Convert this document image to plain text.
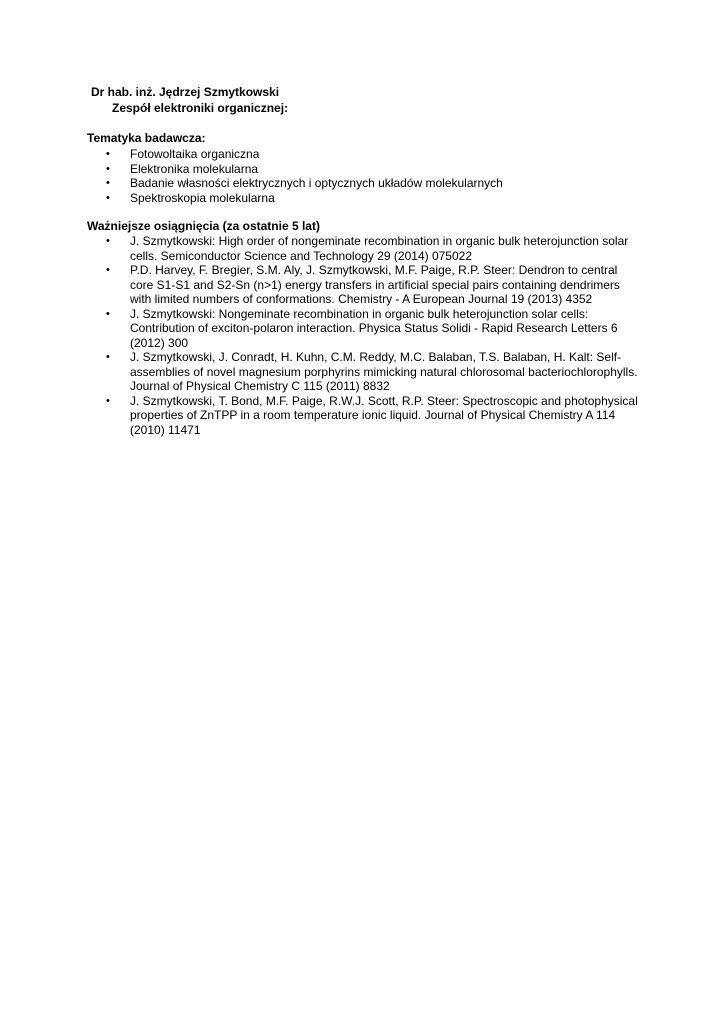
Dr hab. inż. Jędrzej Szmytkowski
Zespół elektroniki organicznej:
Tematyka badawcza:
• Fotowoltaika organiczna
• Elektronika molekularna
• Badanie własności elektrycznych i optycznych układów molekularnych
• Spektroskopia molekularna
Ważniejsze osiągnięcia (za ostatnie 5 lat)
• J. Szmytkowski: High order of nongeminate recombination in organic bulk heterojunction solar cells. Semiconductor Science and Technology 29 (2014) 075022
• P.D. Harvey, F. Bregier, S.M. Aly, J. Szmytkowski, M.F. Paige, R.P. Steer: Dendron to central core S1-S1 and S2-Sn (n>1) energy transfers in artificial special pairs containing dendrimers with limited numbers of conformations. Chemistry - A European Journal 19 (2013) 4352
• J. Szmytkowski: Nongeminate recombination in organic bulk heterojunction solar cells: Contribution of exciton-polaron interaction. Physica Status Solidi - Rapid Research Letters 6 (2012) 300
• J. Szmytkowski, J. Conradt, H. Kuhn, C.M. Reddy, M.C. Balaban, T.S. Balaban, H. Kalt: Self-assemblies of novel magnesium porphyrins mimicking natural chlorosomal bacteriochlorophylls. Journal of Physical Chemistry C 115 (2011) 8832
• J. Szmytkowski, T. Bond, M.F. Paige, R.W.J. Scott, R.P. Steer: Spectroscopic and photophysical properties of ZnTPP in a room temperature ionic liquid. Journal of Physical Chemistry A 114 (2010) 11471
